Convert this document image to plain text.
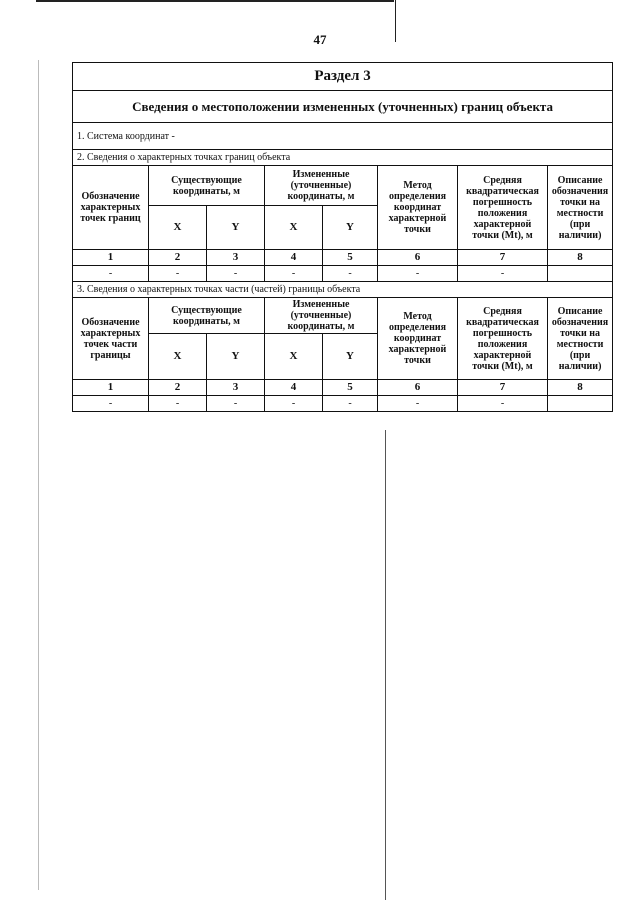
47
Раздел 3							
Сведения о местоположении измененных (уточненных) границ объекта							
1. Система координат -							
2. Сведения о характерных точках границ объекта							
Обозначение характерных точек границ	Существующие координаты, м		Измененные (уточненные) координаты, м		Метод определения координат характерной точки	Средняя квадратическая погрешность положения характерной точки (Mt), м	Описание обозначения точки на местности (при наличии)
	X	Y	X	Y			
1	2	3	4	5	6	7	8
-	-	-	-	-	-	-	
3. Сведения о характерных точках части (частей) границы объекта							
Обозначение характерных точек части границы	Существующие координаты, м		Измененные (уточненные) координаты, м		Метод определения координат характерной точки	Средняя квадратическая погрешность положения характерной точки (Mt), м	Описание обозначения точки на местности (при наличии)
	X	Y	X	Y			
1	2	3	4	5	6	7	8
-	-	-	-	-	-	-	
